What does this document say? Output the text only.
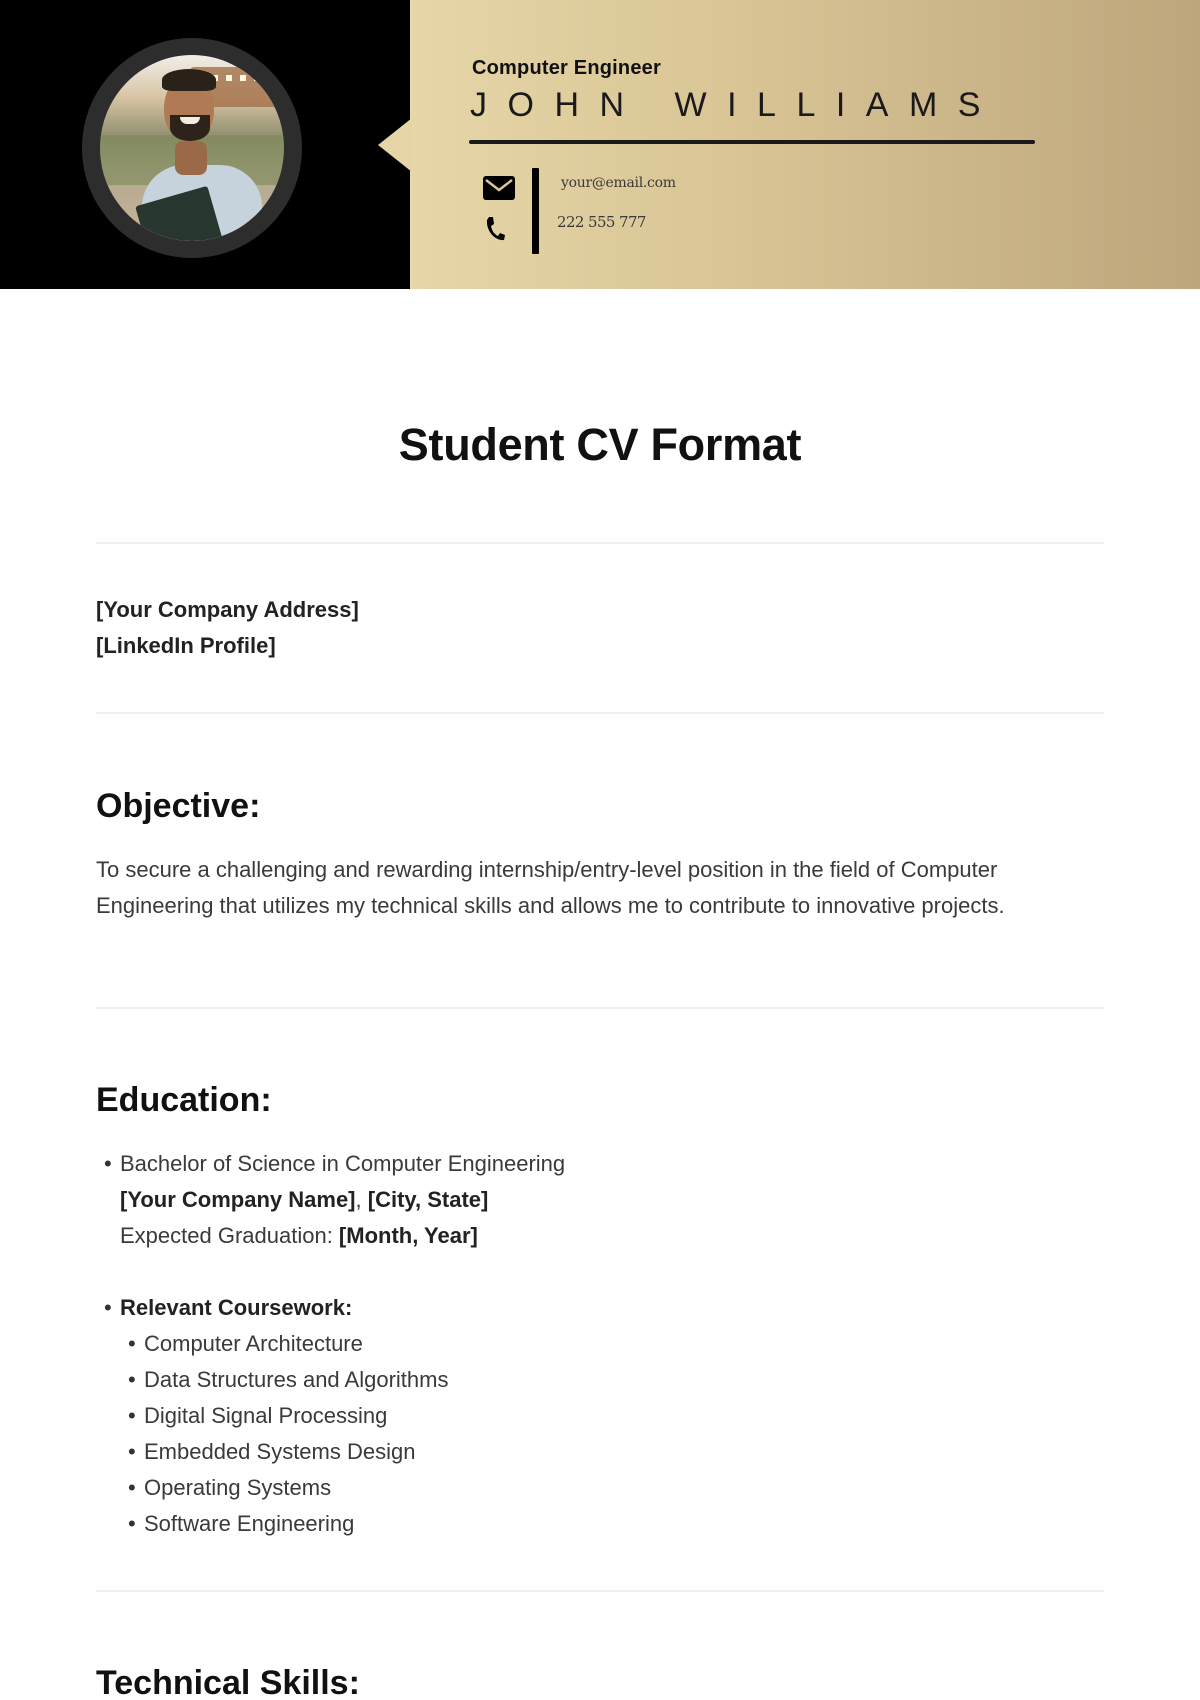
Computer Engineer
JOHN WILLIAMS
your@email.com
222 555 777
Student CV Format
[Your Company Address]
[LinkedIn Profile]
Objective:
To secure a challenging and rewarding internship/entry-level position in the field of Computer Engineering that utilizes my technical skills and allows me to contribute to innovative projects.
Education:
• Bachelor of Science in Computer Engineering
[Your Company Name], [City, State]
Expected Graduation: [Month, Year]
• Relevant Coursework:
• Computer Architecture
• Data Structures and Algorithms
• Digital Signal Processing
• Embedded Systems Design
• Operating Systems
• Software Engineering
Technical Skills:
